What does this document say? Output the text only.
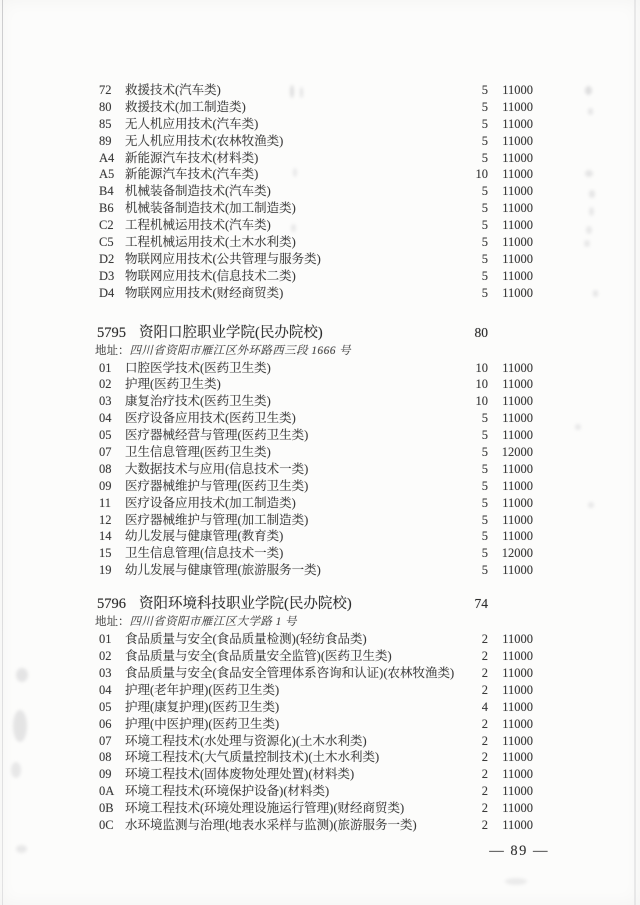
72	救援技术(汽车类)	5	11000
80	救援技术(加工制造类)	5	11000
85	无人机应用技术(汽车类)	5	11000
89	无人机应用技术(农林牧渔类)	5	11000
A4 新能源汽车技术(材料类)	5	11000
A5 新能源汽车技术(汽车类)	10	11000
B4 机械装备制造技术(汽车类)	5	11000
B6 机械装备制造技术(加工制造类)	5	11000
C2 工程机械运用技术(汽车类)	5	11000
C5 工程机械运用技术(土木水利类)	5	11000
D2 物联网应用技术(公共管理与服务类)	5	11000
D3 物联网应用技术(信息技术二类)	5	11000
D4 物联网应用技术(财经商贸类)	5	11000
5795 资阳口腔职业学院(民办院校)	80
地址：四川省资阳市雁江区外环路西三段 1666 号
01	口腔医学技术(医药卫生类)	10	11000
02	护理(医药卫生类)	10	11000
03	康复治疗技术(医药卫生类)	10	11000
04	医疗设备应用技术(医药卫生类)	5	11000
05	医疗器械经营与管理(医药卫生类)	5	11000
07	卫生信息管理(医药卫生类)	5	12000
08	大数据技术与应用(信息技术一类)	5	11000
09	医疗器械维护与管理(医药卫生类)	5	11000
11	医疗设备应用技术(加工制造类)	5	11000
12	医疗器械维护与管理(加工制造类)	5	11000
14	幼儿发展与健康管理(教育类)	5	11000
15	卫生信息管理(信息技术一类)	5	12000
19	幼儿发展与健康管理(旅游服务一类)	5	11000
5796 资阳环境科技职业学院(民办院校)	74
地址：四川省资阳市雁江区大学路 1 号
01	食品质量与安全(食品质量检测)(轻纺食品类)	2	11000
02	食品质量与安全(食品质量安全监管)(医药卫生类)	2	11000
03	食品质量与安全(食品安全管理体系咨询和认证)(农林牧渔类)	2	11000
04	护理(老年护理)(医药卫生类)	2	11000
05	护理(康复护理)(医药卫生类)	4	11000
06	护理(中医护理)(医药卫生类)	2	11000
07	环境工程技术(水处理与资源化)(土木水利类)	2	11000
08	环境工程技术(大气质量控制技术)(土木水利类)	2	11000
09	环境工程技术(固体废物处理处置)(材料类)	2	11000
0A 环境工程技术(环境保护设备)(材料类)	2	11000
0B 环境工程技术(环境处理设施运行管理)(财经商贸类)	2	11000
0C 水环境监测与治理(地表水采样与监测)(旅游服务一类)	2	11000
— 89 —
